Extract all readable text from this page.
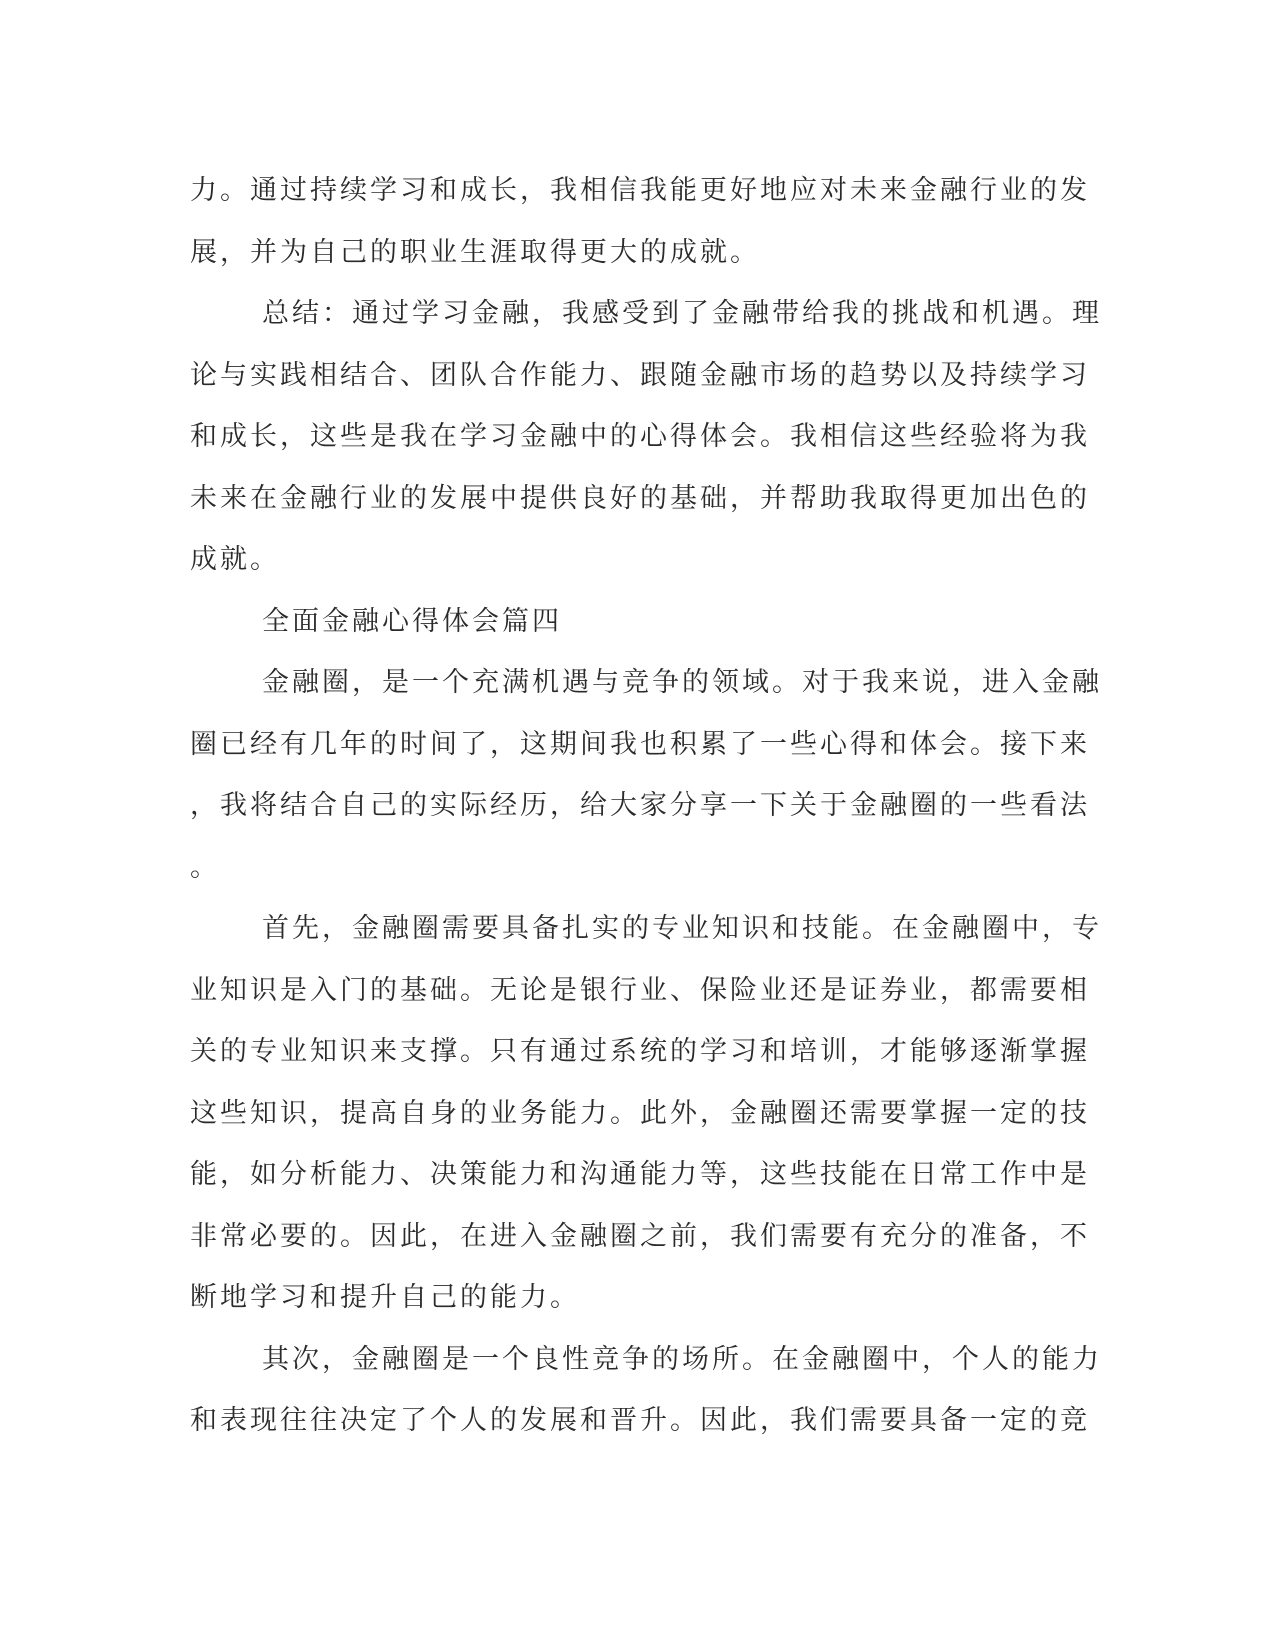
力。通过持续学习和成长，我相信我能更好地应对未来金融行业的发
展，并为自己的职业生涯取得更大的成就。
总结：通过学习金融，我感受到了金融带给我的挑战和机遇。理
论与实践相结合、团队合作能力、跟随金融市场的趋势以及持续学习
和成长，这些是我在学习金融中的心得体会。我相信这些经验将为我
未来在金融行业的发展中提供良好的基础，并帮助我取得更加出色的
成就。
全面金融心得体会篇四
金融圈，是一个充满机遇与竞争的领域。对于我来说，进入金融
圈已经有几年的时间了，这期间我也积累了一些心得和体会。接下来
，我将结合自己的实际经历，给大家分享一下关于金融圈的一些看法
。
首先，金融圈需要具备扎实的专业知识和技能。在金融圈中，专
业知识是入门的基础。无论是银行业、保险业还是证券业，都需要相
关的专业知识来支撑。只有通过系统的学习和培训，才能够逐渐掌握
这些知识，提高自身的业务能力。此外，金融圈还需要掌握一定的技
能，如分析能力、决策能力和沟通能力等，这些技能在日常工作中是
非常必要的。因此，在进入金融圈之前，我们需要有充分的准备，不
断地学习和提升自己的能力。
其次，金融圈是一个良性竞争的场所。在金融圈中，个人的能力
和表现往往决定了个人的发展和晋升。因此，我们需要具备一定的竞
